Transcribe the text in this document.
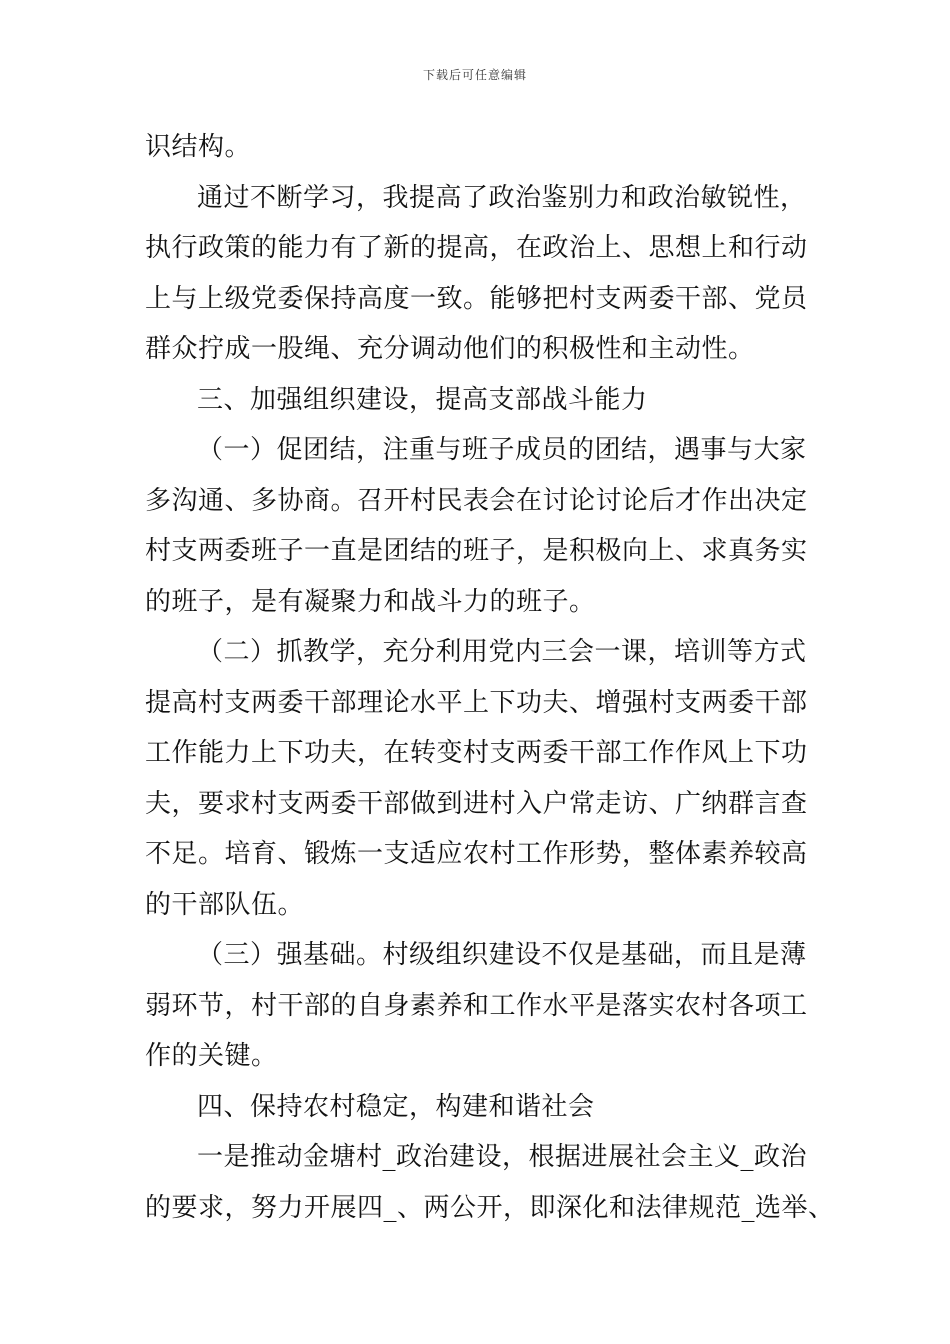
下载后可任意编辑
识结构。
通过不断学习，我提高了政治鉴别力和政治敏锐性，
执行政策的能力有了新的提高，在政治上、思想上和行动
上与上级党委保持高度一致。能够把村支两委干部、党员
群众拧成一股绳、充分调动他们的积极性和主动性。
三、加强组织建设，提高支部战斗能力
（一）促团结，注重与班子成员的团结，遇事与大家
多沟通、多协商。召开村民表会在讨论讨论后才作出决定
村支两委班子一直是团结的班子，是积极向上、求真务实
的班子，是有凝聚力和战斗力的班子。
（二）抓教学，充分利用党内三会一课，培训等方式
提高村支两委干部理论水平上下功夫、增强村支两委干部
工作能力上下功夫，在转变村支两委干部工作作风上下功
夫，要求村支两委干部做到进村入户常走访、广纳群言查
不足。培育、锻炼一支适应农村工作形势，整体素养较高
的干部队伍。
（三）强基础。村级组织建设不仅是基础，而且是薄
弱环节，村干部的自身素养和工作水平是落实农村各项工
作的关键。
四、保持农村稳定，构建和谐社会
一是推动金塘村_政治建设，根据进展社会主义_政治
的要求，努力开展四_、两公开，即深化和法律规范_选举、
